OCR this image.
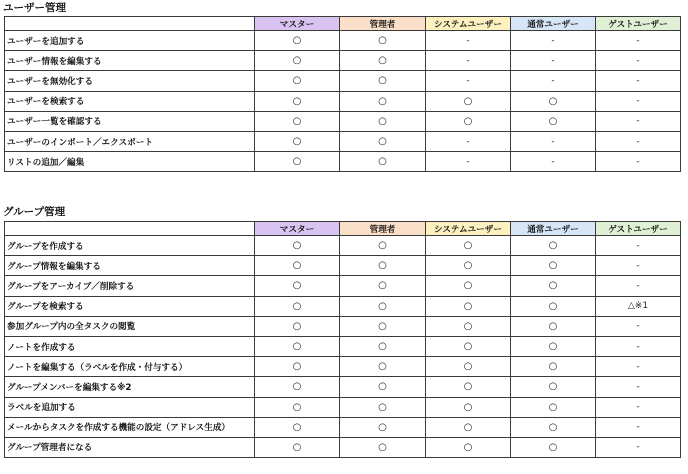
ユーザー管理
	マスター	管理者	システムユーザー	通常ユーザー	ゲストユーザー
ユーザーを追加する	○	○	-	-	-
ユーザー情報を編集する	○	○	-	-	-
ユーザーを無効化する	○	○	-	-	-
ユーザーを検索する	○	○	○	○	-
ユーザー一覧を確認する	○	○	○	○	-
ユーザーのインポート／エクスポート	○	○	-	-	-
リストの追加／編集	○	○	-	-	-
グループ管理
	マスター	管理者	システムユーザー	通常ユーザー	ゲストユーザー
グループを作成する	○	○	○	○	-
グループ情報を編集する	○	○	○	○	-
グループをアーカイブ／削除する	○	○	○	○	-
グループを検索する	○	○	○	○	△※1
参加グループ内の全タスクの閲覧	○	○	○	○	-
ノートを作成する	○	○	○	○	-
ノートを編集する（ラベルを作成・付与する）	○	○	○	○	-
グループメンバーを編集する※2	○	○	○	○	-
ラベルを追加する	○	○	○	○	-
メールからタスクを作成する機能の設定（アドレス生成）	○	○	○	○	-
グループ管理者になる	○	○	○	○	-
